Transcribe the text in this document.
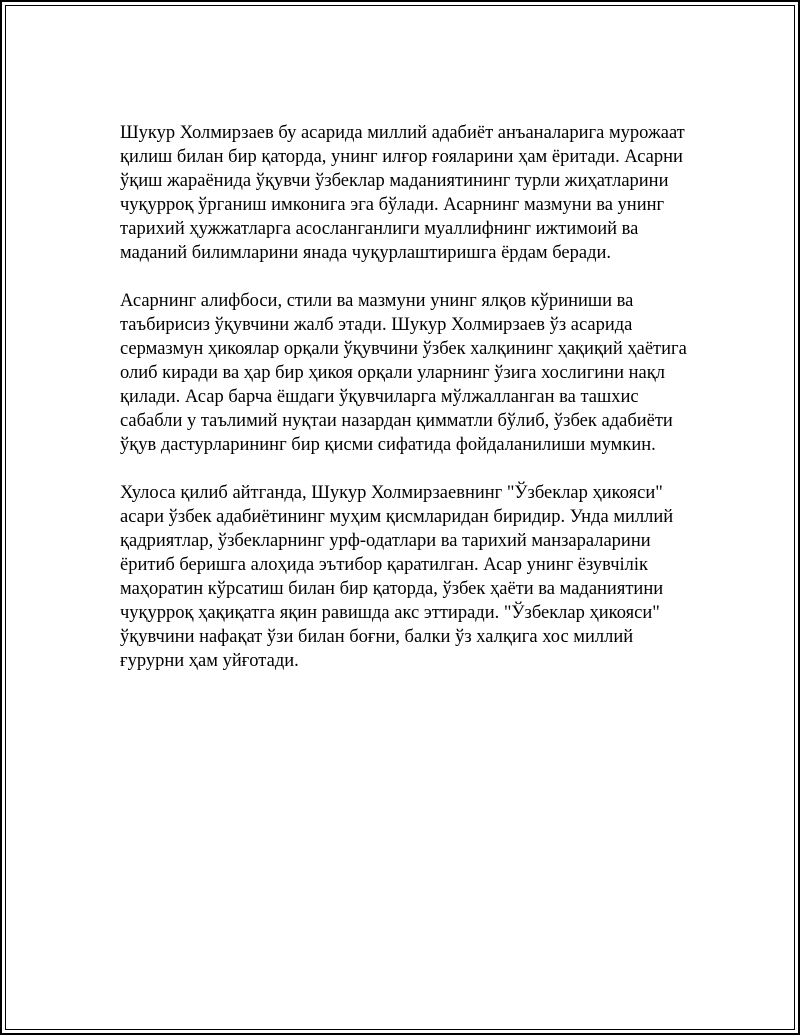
Шукур Холмирзаев бу асарида миллий адабиёт анъаналарига мурожаат
қилиш билан бир қаторда, унинг илғор ғояларини ҳам ёритади. Асарни
ўқиш жараёнида ўқувчи ўзбеклар маданиятининг турли жиҳатларини
чуқурроқ ўрганиш имконига эга бўлади. Асарнинг мазмуни ва унинг
тарихий ҳужжатларга асосланганлиги муаллифнинг ижтимоий ва
маданий билимларини янада чуқурлаштиришга ёрдам беради.

Асарнинг алифбоси, стили ва мазмуни унинг ялқов кўриниши ва
таъбирисиз ўқувчини жалб этади. Шукур Холмирзаев ўз асарида
сермазмун ҳикоялар орқали ўқувчини ўзбек халқининг ҳақиқий ҳаётига
олиб киради ва ҳар бир ҳикоя орқали уларнинг ўзига хослигини нақл
қилади. Асар барча ёшдаги ўқувчиларга мўлжалланган ва ташхис
сабабли у таълимий нуқтаи назардан қимматли бўлиб, ўзбек адабиёти
ўқув дастурларининг бир қисми сифатида фойдаланилиши мумкин.

Хулоса қилиб айтганда, Шукур Холмирзаевнинг "Ўзбеклар ҳикояси"
асари ўзбек адабиётининг муҳим қисмларидан биридир. Унда миллий
қадриятлар, ўзбекларнинг урф-одатлари ва тарихий манзараларини
ёритиб беришга алоҳида эътибор қаратилган. Асар унинг ёзувчілік
маҳоратин кўрсатиш билан бир қаторда, ўзбек ҳаёти ва маданиятини
чуқурроқ ҳақиқатга яқин равишда акс эттиради. "Ўзбеклар ҳикояси"
ўқувчини нафақат ўзи билан боғни, балки ўз халқига хос миллий
ғурурни ҳам уйғотади.
